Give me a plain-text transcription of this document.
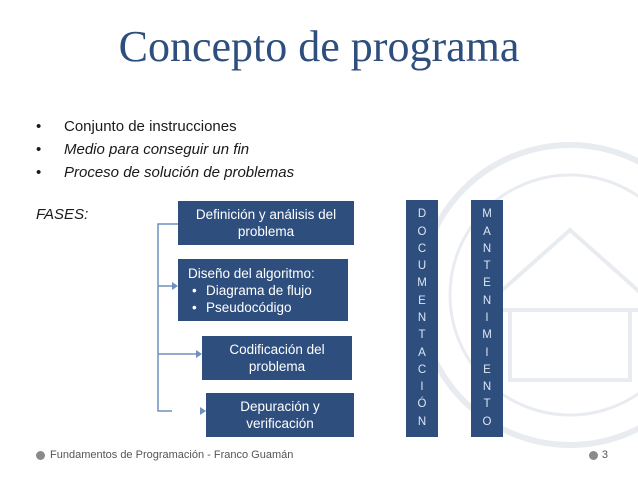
Concepto de programa
• Conjunto de instrucciones
• Medio para conseguir un fin
• Proceso de solución de problemas
FASES:	Definición y análisis del problema
Diseño del algoritmo:
• Diagrama de flujo
• Pseudocódigo
Codificación del problema
Depuración y verificación
D
O
C
U
M
E
N
T
A
C
I
Ó
N
M
A
N
T
E
N
I
M
I
E
N
T
O
Fundamentos de Programación - Franco Guamán	3
